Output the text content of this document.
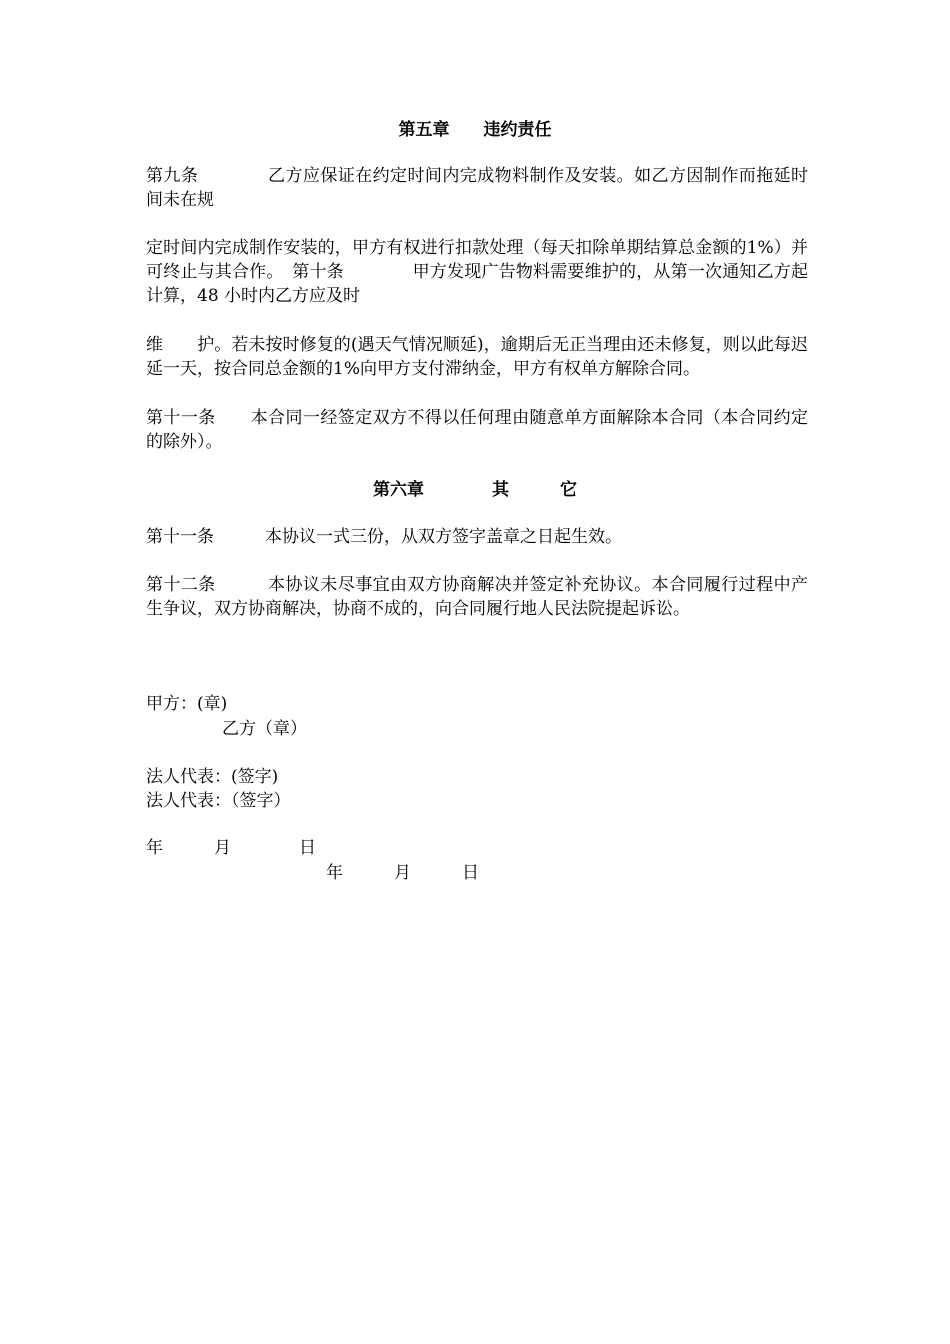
第五章　　违约责任

第九条　　　　乙方应保证在约定时间内完成物料制作及安装。如乙方因制作而拖延时间未在规

定时间内完成制作安装的，甲方有权进行扣款处理（每天扣除单期结算总金额的1%）并可终止与其合作。　第十条　　　　甲方发现广告物料需要维护的，从第一次通知乙方起计算，48 小时内乙方应及时

维　　护。若未按时修复的(遇天气情况顺延)，逾期后无正当理由还未修复，则以此每迟延一天，按合同总金额的1%向甲方支付滞纳金，甲方有权单方解除合同。

第十一条　　本合同一经签定双方不得以任何理由随意单方面解除本合同（本合同约定的除外）。

第六章　　　　其　　　它

第十一条　　　本协议一式三份，从双方签字盖章之日起生效。

第十二条　　　本协议未尽事宜由双方协商解决并签定补充协议。本合同履行过程中产生争议，双方协商解决，协商不成的，向合同履行地人民法院提起诉讼。

甲方：(章)
乙方（章）
法人代表：(签字)
法人代表：（签字）
年　　　月　　　　日
年　　　月　　　日
